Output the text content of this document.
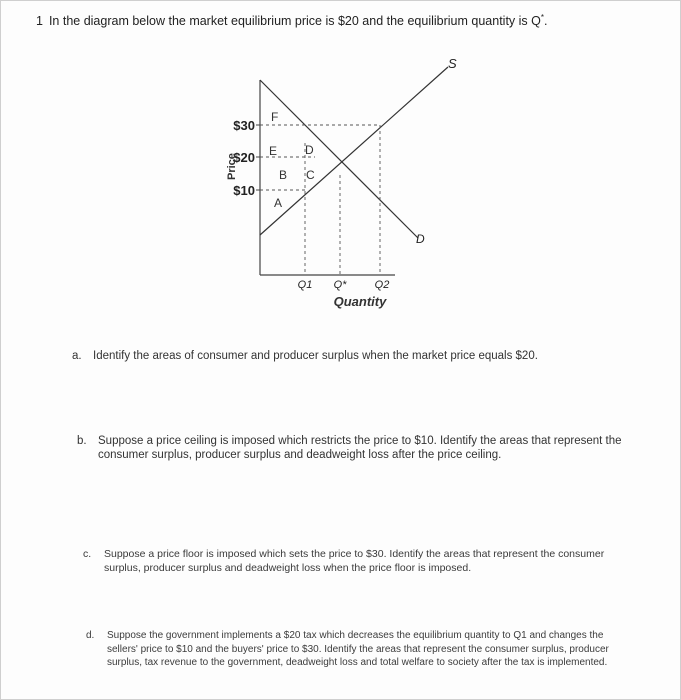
1 In the diagram below the market equilibrium price is $20 and the equilibrium quantity is Q*.
$30
$20
$10
Price
F
E D
B C
A
S
D
Q1 Q*	Q2
Quantity
a. Identify the areas of consumer and producer surplus when the market price equals $20.
b. Suppose a price ceiling is imposed which restricts the price to $10. Identify the areas that represent the consumer surplus, producer surplus and deadweight loss after the price ceiling.
c. Suppose a price floor is imposed which sets the price to $30. Identify the areas that represent the consumer surplus, producer surplus and deadweight loss when the price floor is imposed.
d. Suppose the government implements a $20 tax which decreases the equilibrium quantity to Q1 and changes the sellers' price to $10 and the buyers' price to $30. Identify the areas that represent the consumer surplus, producer surplus, tax revenue to the government, deadweight loss and total welfare to society after the tax is implemented.
